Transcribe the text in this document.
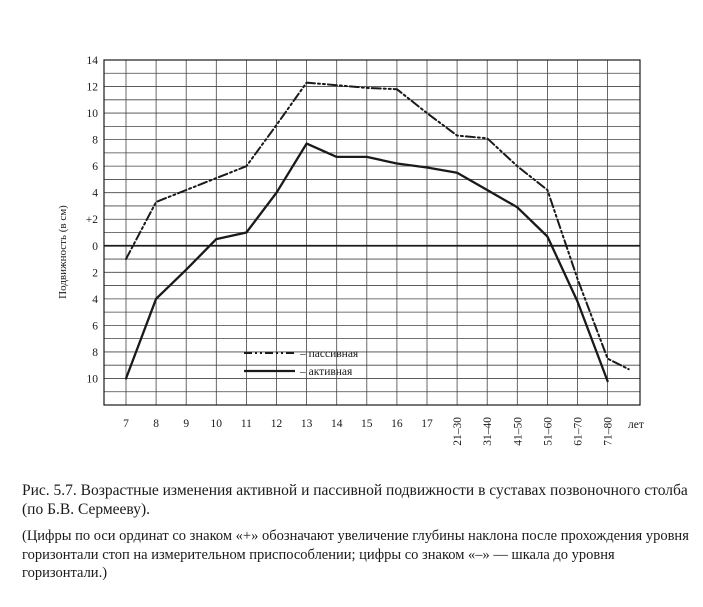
10
8
6
4
2
0
+2
4
6
8
10
12
14
7 8 9 10 11 12 13 14 15 16 17 21–30 31–40 41–50 51–60 61–70 71–80
Подвижность (в см)
лет
– пассивная
– активная
Рис. 5.7. Возрастные изменения активной и пассивной подвижности в суставах позвоночного столба (по Б.В. Сермееву).
(Цифры по оси ординат со знаком «+» обозначают увеличение глубины наклона после прохождения уровня горизонтали стоп на измерительном приспособлении; цифры со знаком «–» — шкала до уровня горизонтали.)
